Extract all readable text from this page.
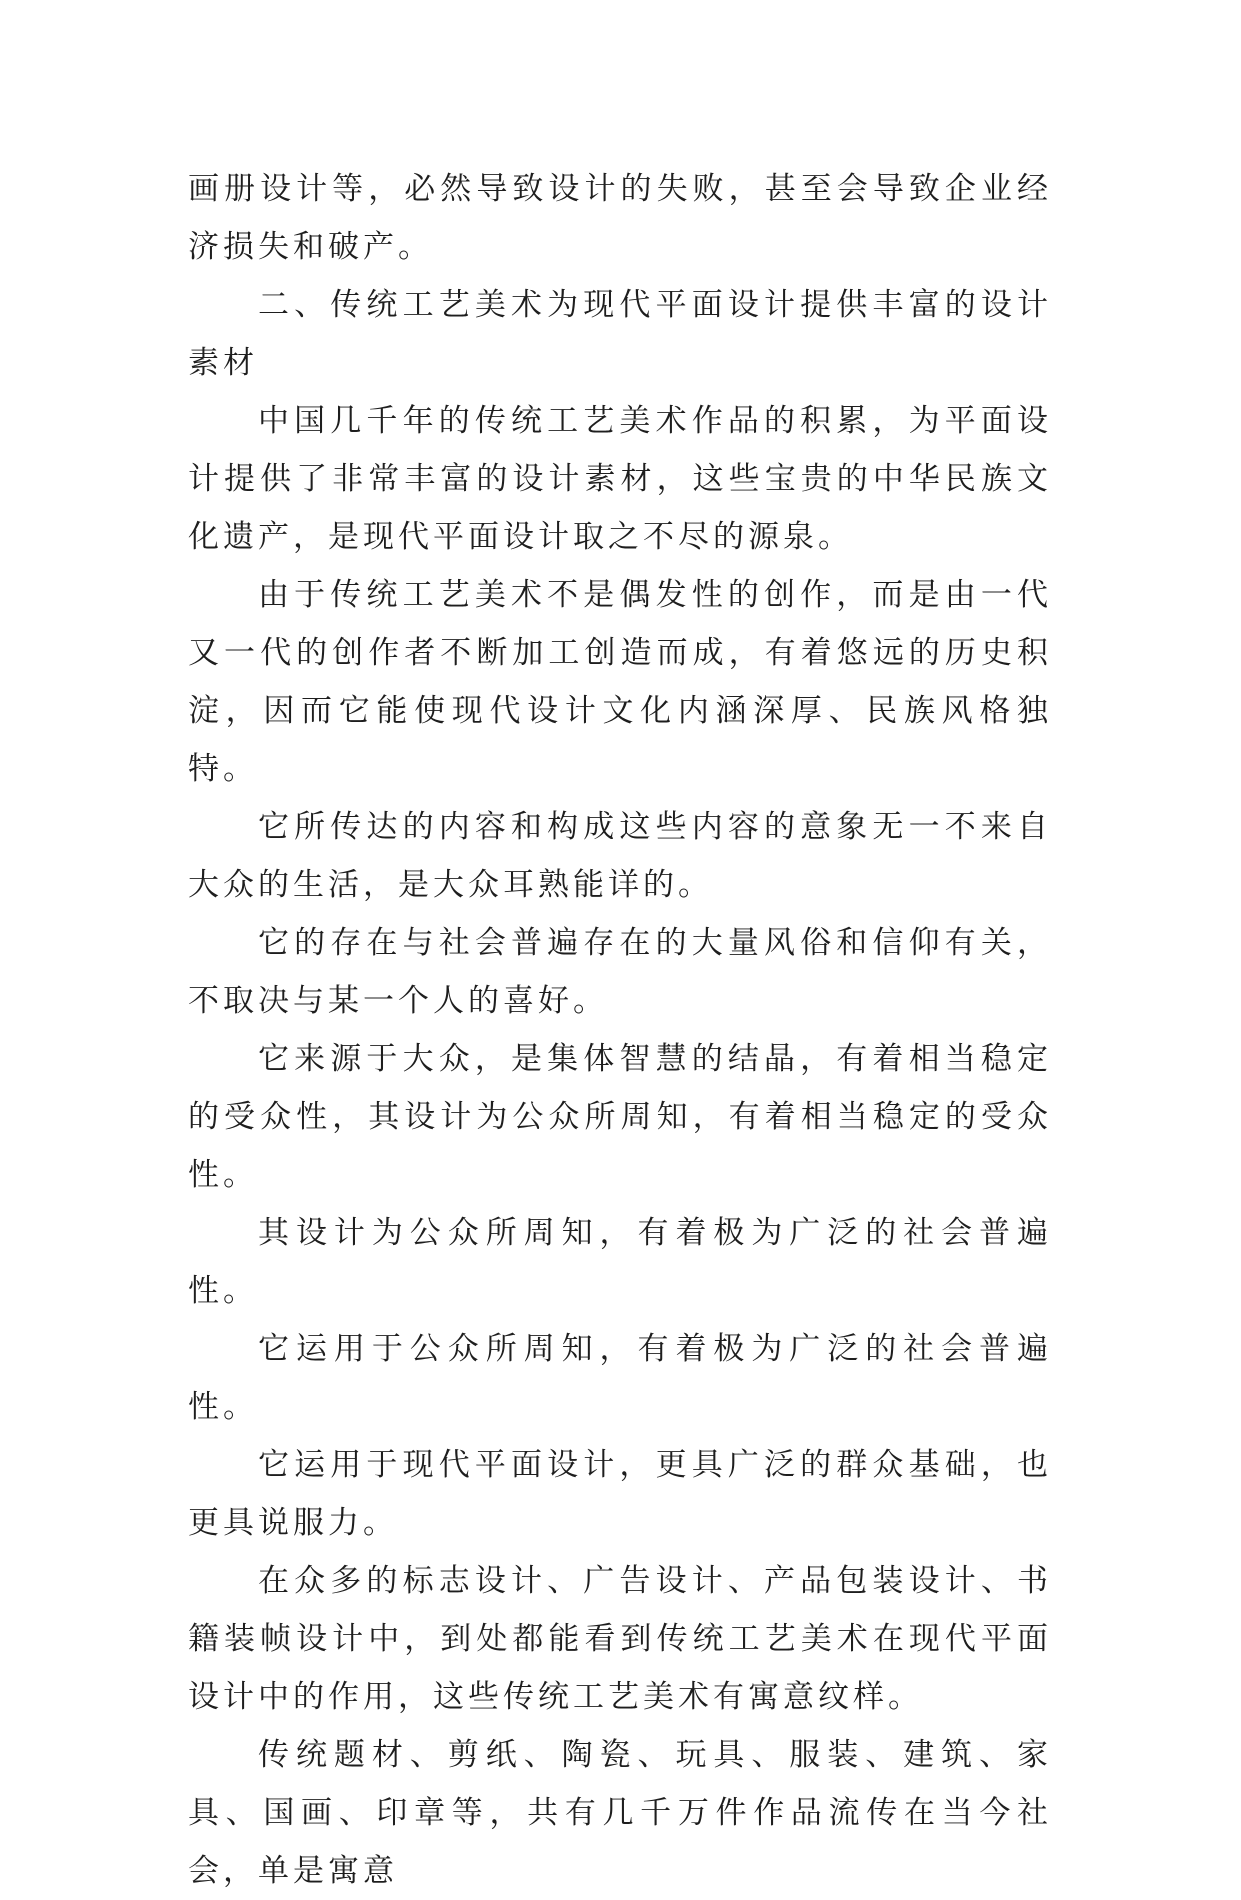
画册设计等，必然导致设计的失败，甚至会导致企业经济损失和破产。

二、传统工艺美术为现代平面设计提供丰富的设计素材

中国几千年的传统工艺美术作品的积累，为平面设计提供了非常丰富的设计素材，这些宝贵的中华民族文化遗产，是现代平面设计取之不尽的源泉。

由于传统工艺美术不是偶发性的创作，而是由一代又一代的创作者不断加工创造而成，有着悠远的历史积淀，因而它能使现代设计文化内涵深厚、民族风格独特。

它所传达的内容和构成这些内容的意象无一不来自大众的生活，是大众耳熟能详的。

它的存在与社会普遍存在的大量风俗和信仰有关，不取决与某一个人的喜好。

它来源于大众，是集体智慧的结晶，有着相当稳定的受众性，其设计为公众所周知，有着相当稳定的受众性。

其设计为公众所周知，有着极为广泛的社会普遍性。

它运用于公众所周知，有着极为广泛的社会普遍性。

它运用于现代平面设计，更具广泛的群众基础，也更具说服力。

在众多的标志设计、广告设计、产品包装设计、书籍装帧设计中，到处都能看到传统工艺美术在现代平面设计中的作用，这些传统工艺美术有寓意纹样。

传统题材、剪纸、陶瓷、玩具、服装、建筑、家具、国画、印章等，共有几千万件作品流传在当今社会，单是寓意
